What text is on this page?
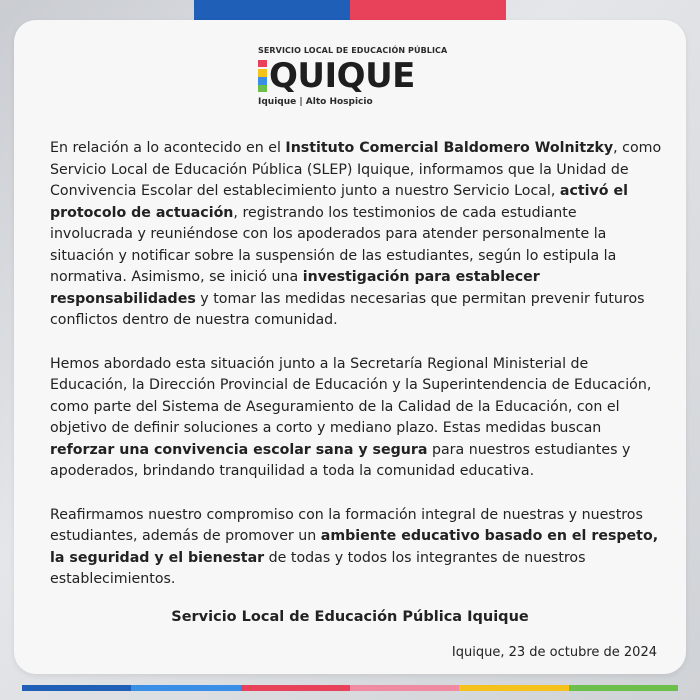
SERVICIO LOCAL DE EDUCACIÓN PÚBLICA
QUIQUE
Iquique | Alto Hospicio

En relación a lo acontecido en el Instituto Comercial Baldomero Wolnitzky, como Servicio Local de Educación Pública (SLEP) Iquique, informamos que la Unidad de Convivencia Escolar del establecimiento junto a nuestro Servicio Local, activó el protocolo de actuación, registrando los testimonios de cada estudiante involucrada y reuniéndose con los apoderados para atender personalmente la situación y notificar sobre la suspensión de las estudiantes, según lo estipula la normativa. Asimismo, se inició una investigación para establecer responsabilidades y tomar las medidas necesarias que permitan prevenir futuros conflictos dentro de nuestra comunidad.

Hemos abordado esta situación junto a la Secretaría Regional Ministerial de Educación, la Dirección Provincial de Educación y la Superintendencia de Educación, como parte del Sistema de Aseguramiento de la Calidad de la Educación, con el objetivo de definir soluciones a corto y mediano plazo. Estas medidas buscan reforzar una convivencia escolar sana y segura para nuestros estudiantes y apoderados, brindando tranquilidad a toda la comunidad educativa.

Reafirmamos nuestro compromiso con la formación integral de nuestras y nuestros estudiantes, además de promover un ambiente educativo basado en el respeto, la seguridad y el bienestar de todas y todos los integrantes de nuestros establecimientos.

Servicio Local de Educación Pública Iquique
Iquique, 23 de octubre de 2024
